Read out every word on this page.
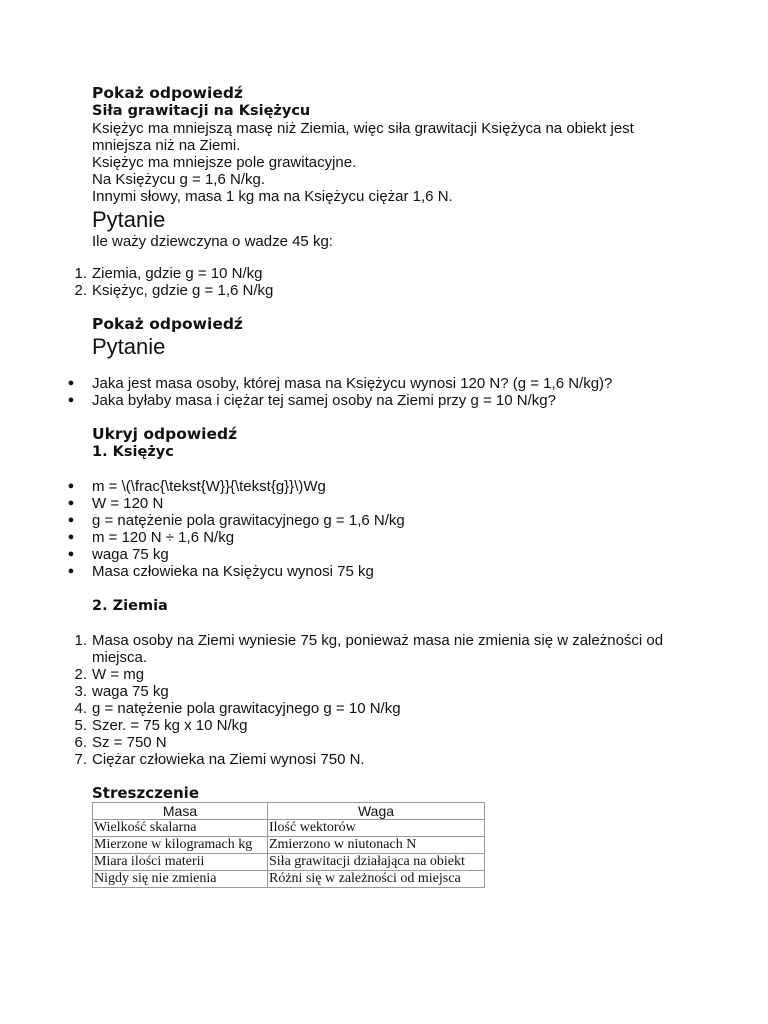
Pokaż odpowiedź
Siła grawitacji na Księżycu

Księżyc ma mniejszą masę niż Ziemia, więc siła grawitacji Księżyca na obiekt jest mniejsza niż na Ziemi.

Księżyc ma mniejsze pole grawitacyjne.

Na Księżycu g = 1,6 N/kg.

Innymi słowy, masa 1 kg ma na Księżycu ciężar 1,6 N.

Pytanie

Ile waży dziewczyna o wadze 45 kg:

1. Ziemia, gdzie g = 10 N/kg
2. Księżyc, gdzie g = 1,6 N/kg
Pokaż odpowiedź
Pytanie
● Jaka jest masa osoby, której masa na Księżycu wynosi 120 N? (g = 1,6 N/kg)?
● Jaka byłaby masa i ciężar tej samej osoby na Ziemi przy g = 10 N/kg?
Ukryj odpowiedź
1. Księżyc
● m = \(\frac{\tekst{W}}{\tekst{g}}\)Wg
● W = 120 N
● g = natężenie pola grawitacyjnego g = 1,6 N/kg
● m = 120 N ÷ 1,6 N/kg
● waga 75 kg
● Masa człowieka na Księżycu wynosi 75 kg
2. Ziemia
1. Masa osoby na Ziemi wyniesie 75 kg, ponieważ masa nie zmienia się w zależności od miejsca.
2. W = mg
3. waga 75 kg
4. g = natężenie pola grawitacyjnego g = 10 N/kg
5. Szer. = 75 kg x 10 N/kg
6. Sz = 750 N
7. Ciężar człowieka na Ziemi wynosi 750 N.
Streszczenie
Masa	Waga
Wielkość skalarna	Ilość wektorów
Mierzone w kilogramach kg	Zmierzono w niutonach N
Miara ilości materii	Siła grawitacji działająca na obiekt
Nigdy się nie zmienia	Różni się w zależności od miejsca
